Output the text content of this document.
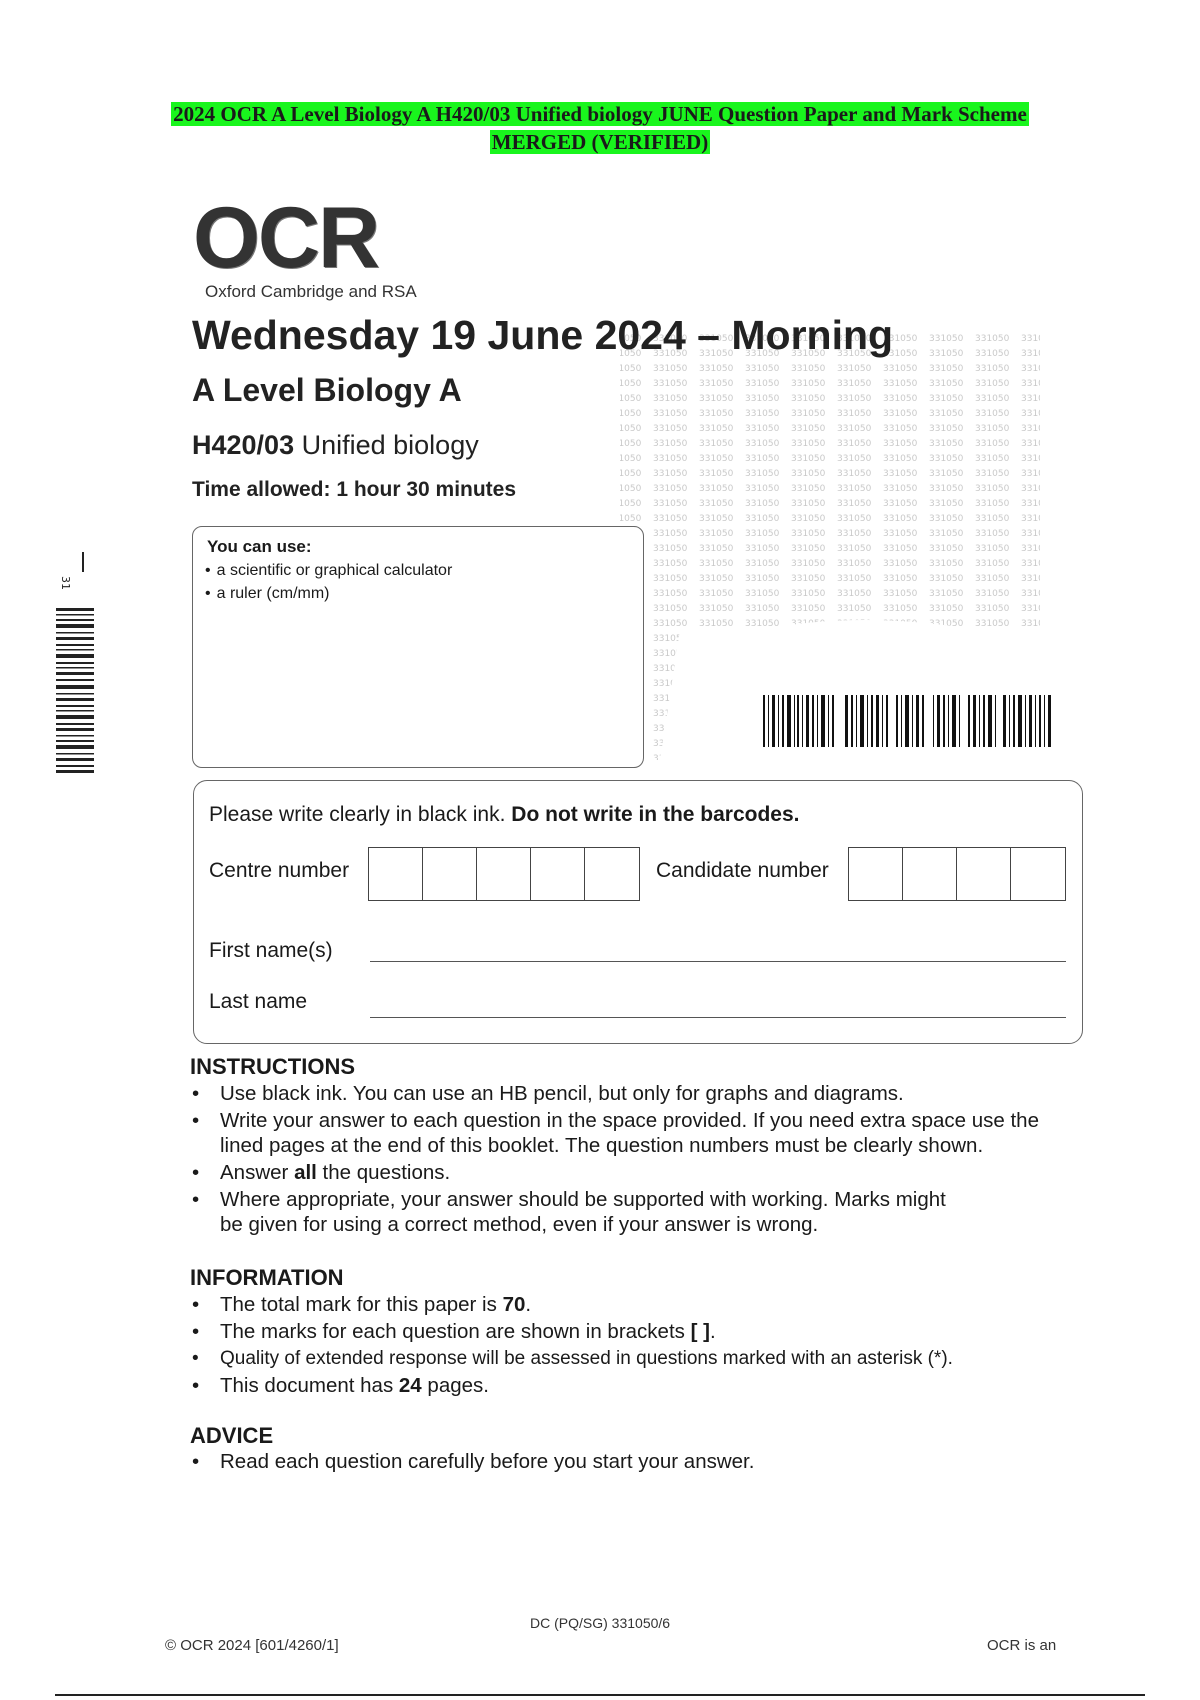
2024 OCR A Level Biology A H420/03 Unified biology JUNE Question Paper and Mark Scheme
MERGED (VERIFIED)
OCR
Oxford Cambridge and RSA
Wednesday 19 June 2024 – Morning
A Level Biology A
H420/03 Unified biology
Time allowed: 1 hour 30 minutes
You can use:
• a scientific or graphical calculator
• a ruler (cm/mm)
31
Please write clearly in black ink. Do not write in the barcodes.
Centre number	Candidate number
First name(s)
Last name
INSTRUCTIONS
• Use black ink. You can use an HB pencil, but only for graphs and diagrams.
• Write your answer to each question in the space provided. If you need extra space use the lined pages at the end of this booklet. The question numbers must be clearly shown.
• Answer all the questions.
• Where appropriate, your answer should be supported with working. Marks might be given for using a correct method, even if your answer is wrong.
INFORMATION
• The total mark for this paper is 70.
• The marks for each question are shown in brackets [ ].
• Quality of extended response will be assessed in questions marked with an asterisk (*).
• This document has 24 pages.
ADVICE
• Read each question carefully before you start your answer.
DC (PQ/SG) 331050/6
© OCR 2024 [601/4260/1]	OCR is an
